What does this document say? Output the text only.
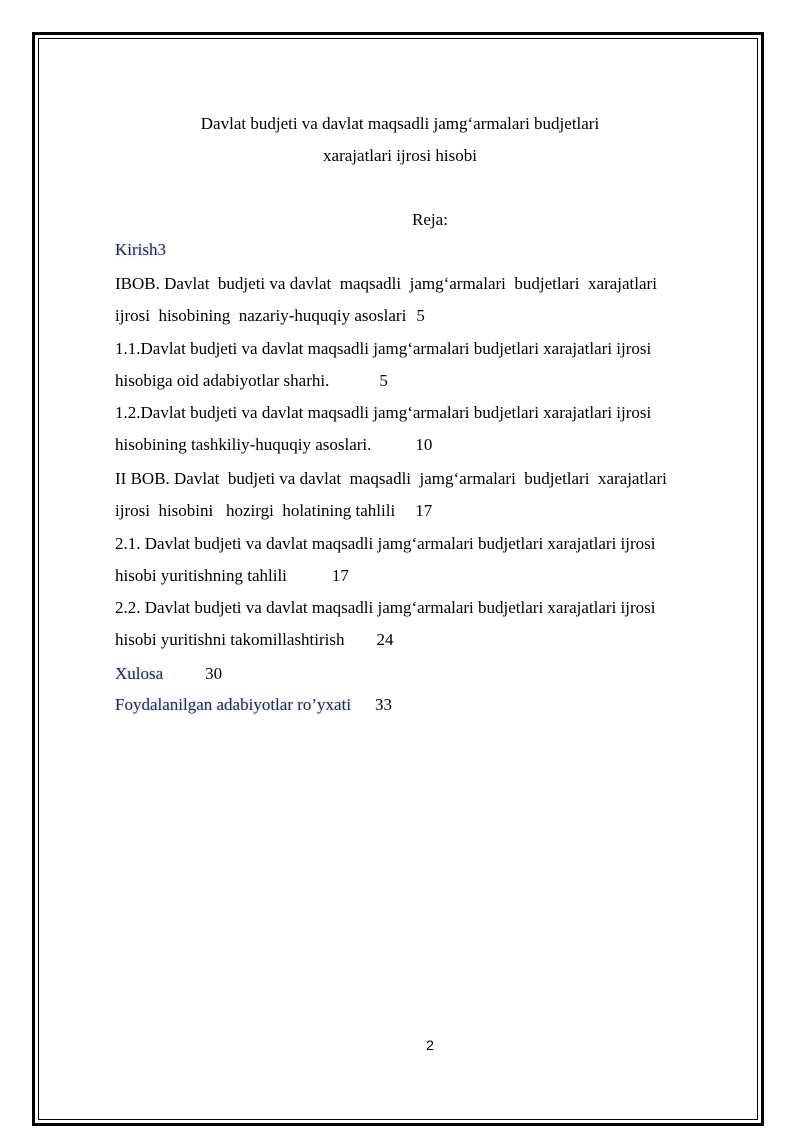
Davlat budjeti va davlat maqsadli jamg‘armalari budjetlari
xarajatlari ijrosi hisobi

Reja:

Kirish3
IBOB. Davlat  budjeti va davlat  maqsadli  jamg‘armalari  budjetlari  xarajatlari
ijrosi  hisobining  nazariy-huquqiy asoslari 5
1.1.Davlat budjeti va davlat maqsadli jamg‘armalari budjetlari xarajatlari ijrosi
hisobiga oid adabiyotlar sharhi.	5
1.2.Davlat budjeti va davlat maqsadli jamg‘armalari budjetlari xarajatlari ijrosi
hisobining tashkiliy-huquqiy asoslari.	10
II BOB. Davlat  budjeti va davlat  maqsadli  jamg‘armalari  budjetlari  xarajatlari
ijrosi  hisobini   hozirgi  holatining tahlili 17
2.1. Davlat budjeti va davlat maqsadli jamg‘armalari budjetlari xarajatlari ijrosi
hisobi yuritishning tahlili	17
2.2. Davlat budjeti va davlat maqsadli jamg‘armalari budjetlari xarajatlari ijrosi
hisobi yuritishni takomillashtirish 24
Xulosa 30
Foydalanilgan adabiyotlar ro’yxati 33
2
